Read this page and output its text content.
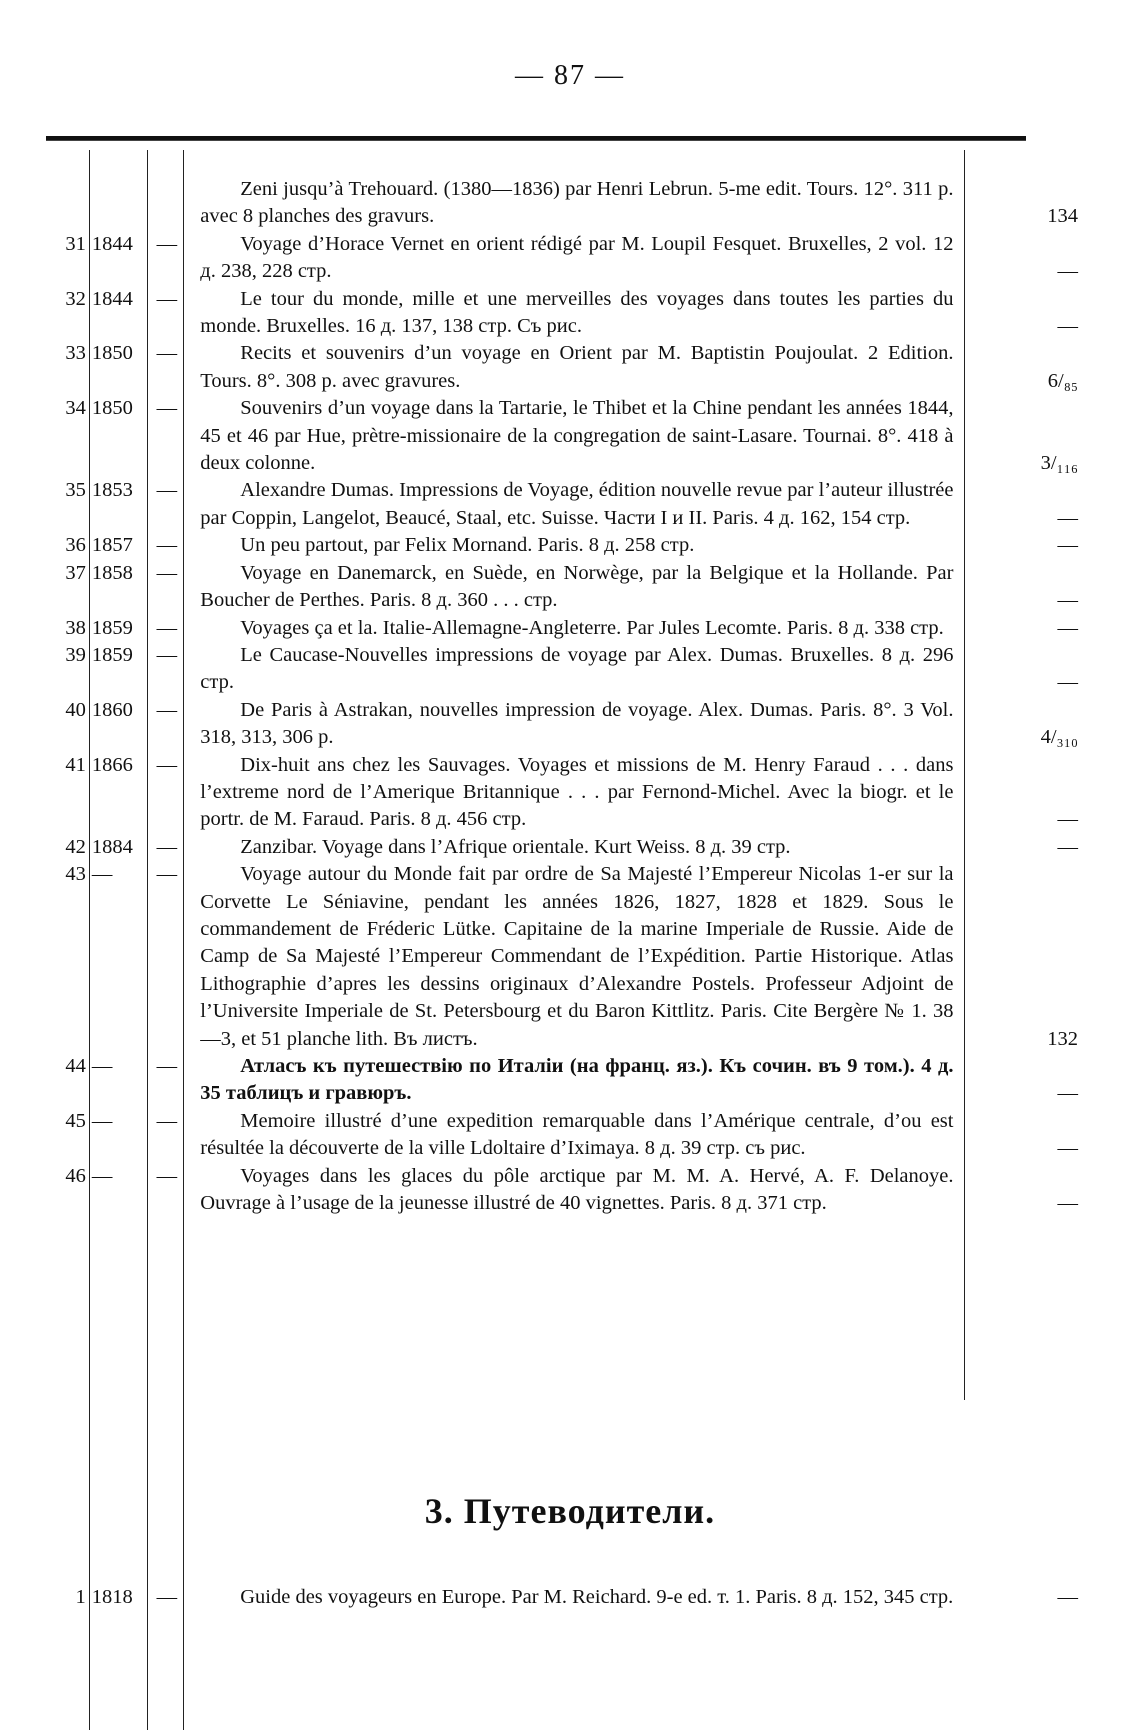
— 87 —
			Zeni jusqu’à Trehouard. (1380—1836) par Henri Lebrun. 5-me edit. Tours. 12°. 311 p. avec 8 planches des gravurs.	134
31	1844	—	Voyage d’Horace Vernet en orient rédigé par M. Loupil Fesquet. Bruxelles, 2 vol. 12 д. 238, 228 стр.	—
32	1844	—	Le tour du monde, mille et une merveilles des voyages dans toutes les parties du monde. Bruxelles. 16 д. 137, 138 стр. Съ рис.	—
33	1850	—	Recits et souvenirs d’un voyage en Orient par M. Baptistin Poujoulat. 2 Edition. Tours. 8°. 308 p. avec gravures.	6/₈₅
34	1850	—	Souvenirs d’un voyage dans la Tartarie, le Thibet et la Chine pendant les années 1844, 45 et 46 par Hue, prètre-missionaire de la congregation de saint-Lasare. Tournai. 8°. 418 à deux colonne.	3/₁₁₆
35	1853	—	Alexandre Dumas. Impressions de Voyage, édition nouvelle revue par l’auteur illustrée par Coppin, Langelot, Beaucé, Staal, etc. Suisse. Части I и II. Paris. 4 д. 162, 154 стр.	—
36	1857	—	Un peu partout, par Felix Mornand. Paris. 8 д. 258 стр.	—
37	1858	—	Voyage en Danemarck, en Suède, en Norwège, par la Belgique et la Hollande. Par Boucher de Perthes. Paris. 8 д. 360 . . . стр.	—
38	1859	—	Voyages ça et la. Italie-Allemagne-Angleterre. Par Jules Lecomte. Paris. 8 д. 338 стр.	—
39	1859	—	Le Caucase-Nouvelles impressions de voyage par Alex. Dumas. Bruxelles. 8 д. 296 стр.	—
40	1860	—	De Paris à Astrakan, nouvelles impression de voyage. Alex. Dumas. Paris. 8°. 3 Vol. 318, 313, 306 p.	4/₃₁₀
41	1866	—	Dix-huit ans chez les Sauvages. Voyages et missions de M. Henry Faraud . . . dans l’extreme nord de l’Amerique Britannique . . . par Fernond-Michel. Avec la biogr. et le portr. de M. Faraud. Paris. 8 д. 456 стр.	—
42	1884	—	Zanzibar. Voyage dans l’Afrique orientale. Kurt Weiss. 8 д. 39 стр.	—
43	—	—	Voyage autour du Monde fait par ordre de Sa Majesté l’Empereur Nicolas 1-er sur la Corvette Le Séniavine, pendant les années 1826, 1827, 1828 et 1829. Sous le commandement de Fréderic Lütke. Capitaine de la marine Imperiale de Russie. Aide de Camp de Sa Majesté l’Empereur Commendant de l’Expédition. Partie Historique. Atlas Lithographie d’apres les dessins originaux d’Alexandre Postels. Professeur Adjoint de l’Universite Imperiale de St. Petersbourg et du Baron Kittlitz. Paris. Cite Bergère № 1. 38—3, et 51 planche lith. Въ листъ.	132
44	—	—	Атласъ къ путешествію по Италіи (на франц. яз.). Къ сочин. въ 9 том.). 4 д. 35 таблицъ и гравюръ.	—
45	—	—	Memoire illustré d’une expedition remarquable dans l’Amérique centrale, d’ou est résultée la découverte de la ville Ldoltaire d’Iximaya. 8 д. 39 стр. съ рис.	—
46	—	—	Voyages dans les glaces du pôle arctique par M. M. A. Hervé, A. F. Delanoye. Ouvrage à l’usage de la jeunesse illustré de 40 vignettes. Paris. 8 д. 371 стр.	—
3. Путеводители.
1	1818	—	Guide des voyageurs en Europe. Par M. Reichard. 9-e ed. т. 1. Paris. 8 д. 152, 345 стр.	—
